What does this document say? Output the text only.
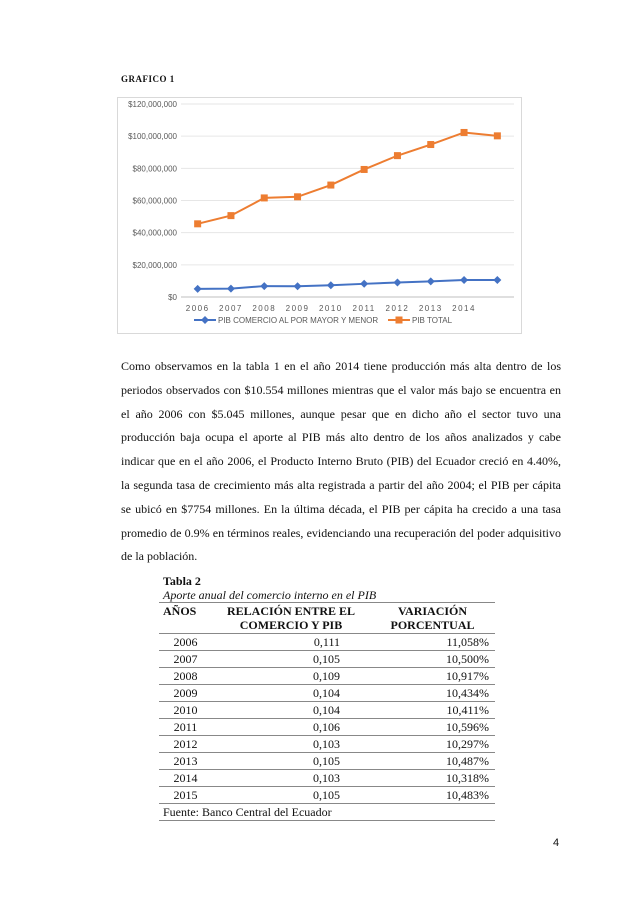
GRAFICO 1
$0
$20,000,000
$40,000,000
$60,000,000
$80,000,000
$100,000,000
$120,000,000
2006 2007 2008 2009 2010 2011 2012 2013 2014
PIB COMERCIO AL POR MAYOR Y MENOR	PIB TOTAL
Como observamos en la tabla 1 en el año 2014 tiene producción más alta dentro de los periodos observados con $10.554 millones mientras que el valor más bajo se encuentra en el año 2006 con $5.045 millones, aunque pesar que en dicho año el sector tuvo una producción baja ocupa el aporte al PIB más alto dentro de los años analizados y cabe indicar que en el año 2006, el Producto Interno Bruto (PIB) del Ecuador creció en 4.40%, la segunda tasa de crecimiento más alta registrada a partir del año 2004; el PIB per cápita se ubicó en $7754 millones. En la última década, el PIB per cápita ha crecido a una tasa promedio de 0.9% en términos reales, evidenciando una recuperación del poder adquisitivo de la población.
Tabla 2
Aporte anual del comercio interno en el PIB
AÑOS	RELACIÓN ENTRE EL COMERCIO Y PIB	VARIACIÓN PORCENTUAL
2006	0,111	11,058%
2007	0,105	10,500%
2008	0,109	10,917%
2009	0,104	10,434%
2010	0,104	10,411%
2011	0,106	10,596%
2012	0,103	10,297%
2013	0,105	10,487%
2014	0,103	10,318%
2015	0,105	10,483%
Fuente: Banco Central del Ecuador
4
